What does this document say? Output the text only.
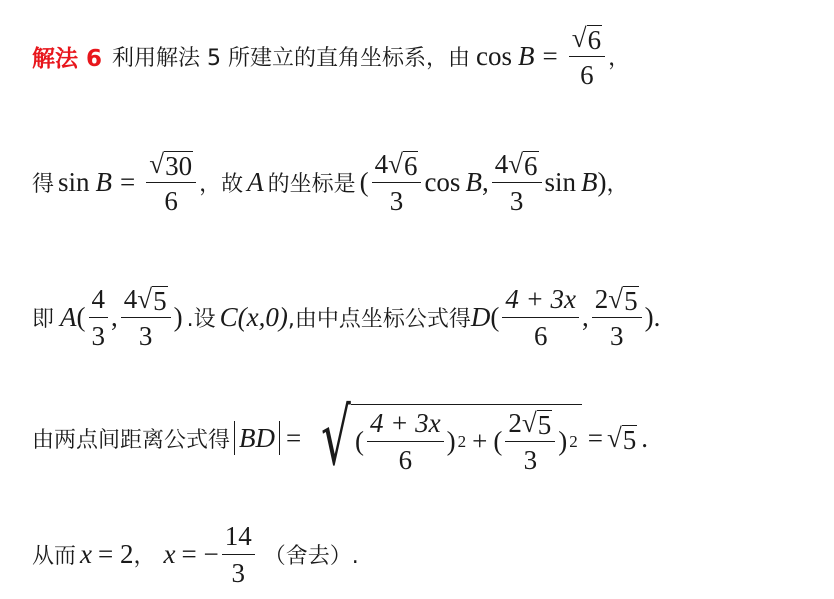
解法 6 利用解法 5 所建立的直角坐标系，由 $\cos B = \frac{√ 6}{6}$ ，
得 $\sin B = \frac{√ 30}{6}$ ，故 A 的坐标是 ( $\frac{4 √ 6}{3}$ cos B , $\frac{4 √ 6}{3}$ sin B ) ，
即 A ( $\frac{4}{3}$ , $\frac{4 √ 5}{3}$ ) .设 C (x,0) ,由中点坐标公式得 D ( $\frac{4 + 3x}{6}$ , $\frac{2 √ 5}{3}$ ).
由两点间距离公式得 BD = √ ( $\frac{4 + 3x}{6}$ ) 2 + ( $\frac{2 √ 5}{3}$ ) 2 = √ 5 .
从而 x = 2 ， x = − $\frac{14}{3}$ （舍去）.
